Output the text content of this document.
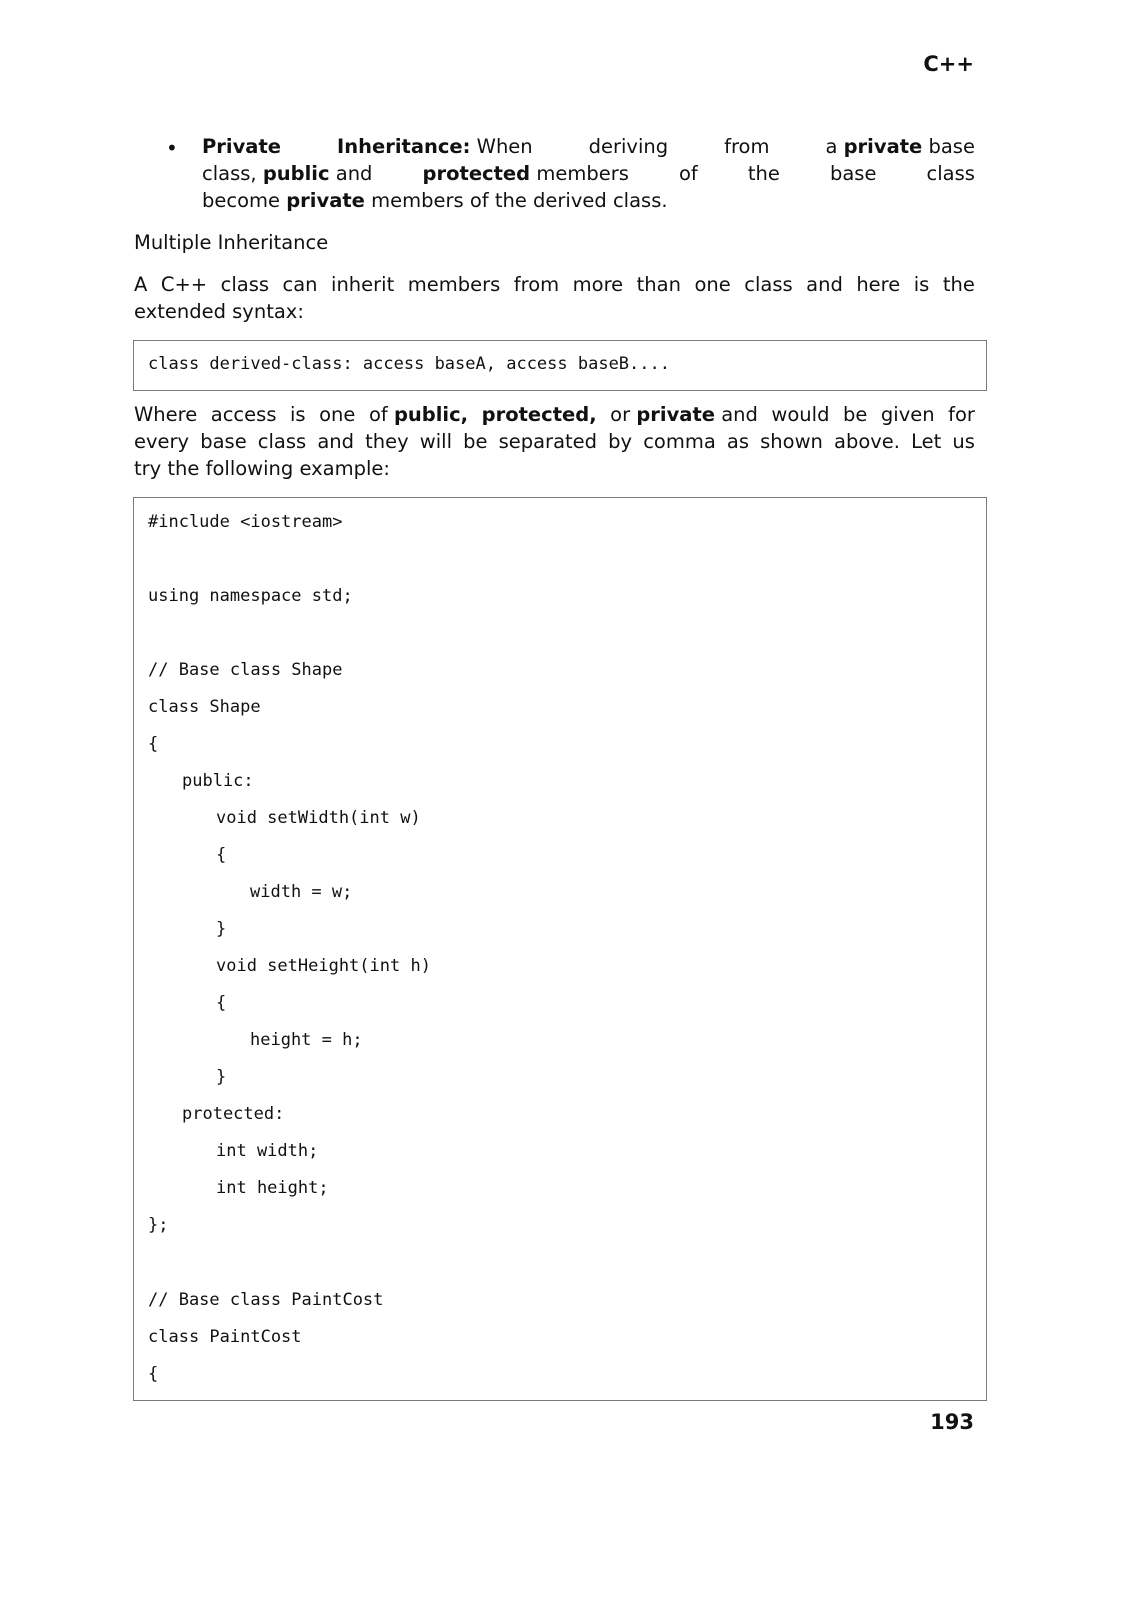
C++
• Private	Inheritance: When	deriving	from	a private base
class, public and	protected members	of	the	base	class
become private members of the derived class.
Multiple Inheritance
A C++ class can inherit members from more than one class and here is the
extended syntax:
class derived-class: access baseA, access baseB....
Where access is one of public, protected, or private and would be given for
every base class and they will be separated by comma as shown above. Let us
try the following example:
#include <iostream>
using namespace std;
// Base class Shape
class Shape
{
public:
void setWidth(int w)
{
width = w;
}
void setHeight(int h)
{
height = h;
}
protected:
int width;
int height;
};
// Base class PaintCost
class PaintCost
{
193
